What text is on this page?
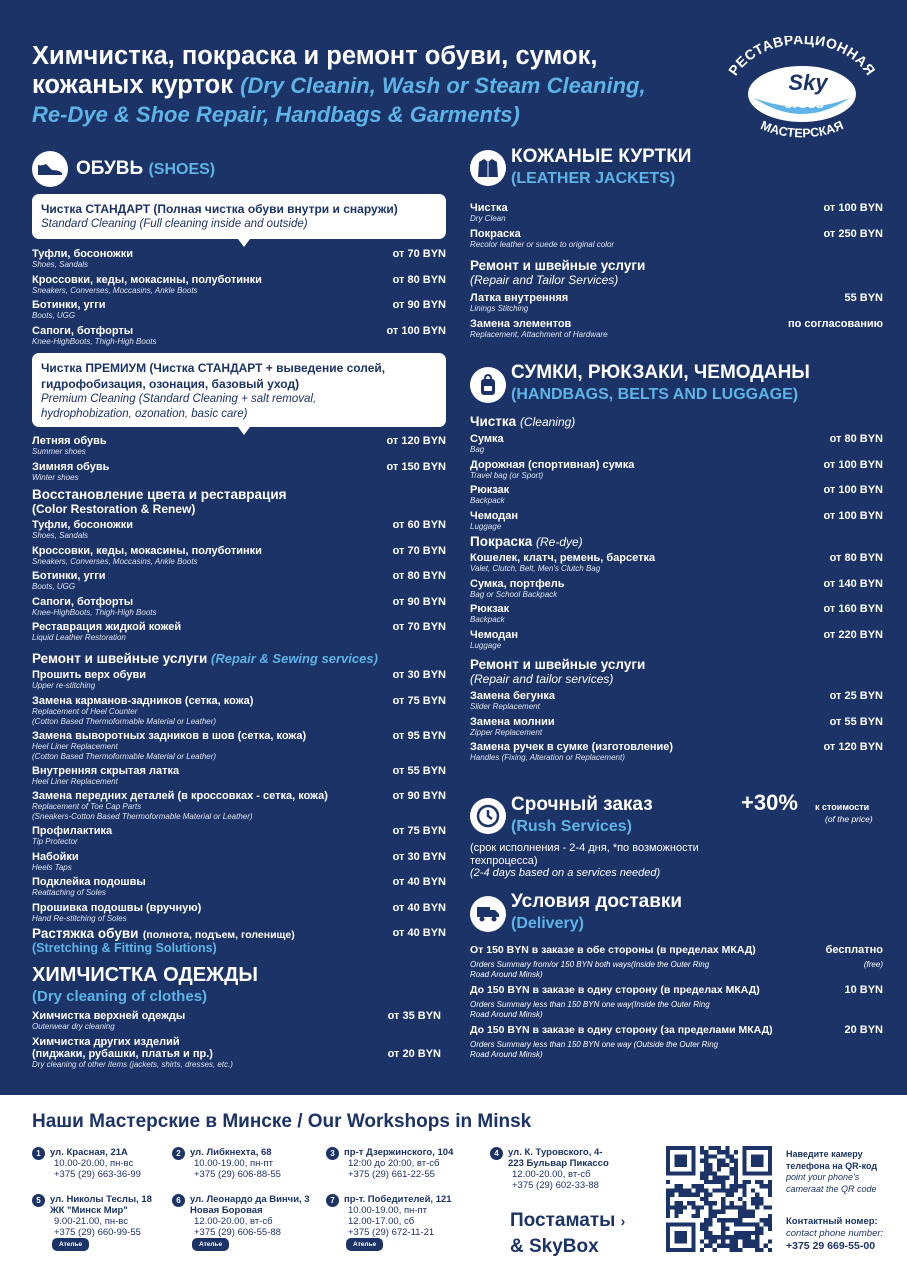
Химчистка, покраска и ремонт обуви, сумок,
кожаных курток (Dry Cleanin, Wash or Steam Cleaning,
Re-Dye & Shoe Repair, Handbags & Garments)
РЕСТАВРАЦИОННАЯ
Sky
cross
МАСТЕРСКАЯ
ОБУВЬ (SHOES)
Чистка СТАНДАРТ (Полная чистка обуви внутри и снаружи)
Standard Cleaning (Full cleaning inside and outside)
Туфли, босоножки
Shoes, Sandals
от 70 BYN
Кроссовки, кеды, мокасины, полуботинки
Sneakers, Converses, Moccasins, Ankle Boots
от 80 BYN
Ботинки, угги
Boots, UGG
от 90 BYN
Сапоги, ботфорты
Knee-HighBoots, Thigh-High Boots
от 100 BYN
Чистка ПРЕМИУМ (Чистка СТАНДАРТ + выведение солей,
гидрофобизация, озонация, базовый уход)
Premium Cleaning (Standard Cleaning + salt removal,
hydrophobization, ozonation, basic care)
Летняя обувь
Summer shoes
от 120 BYN
Зимняя обувь
Winter shoes
от 150 BYN
Восстановление цвета и реставрация
(Color Restoration & Renew)
Туфли, босоножки
Shoes, Sandals
от 60 BYN
Кроссовки, кеды, мокасины, полуботинки
Sneakers, Converses, Moccasins, Ankle Boots
от 70 BYN
Ботинки, угги
Boots, UGG
от 80 BYN
Сапоги, ботфорты
Knee-HighBoots, Thigh-High Boots
от 90 BYN
Реставрация жидкой кожей
Liquid Leather Restoration
от 70 BYN
Ремонт и швейные услуги (Repair & Sewing services)
Прошить верх обуви
Upper re-stitching
от 30 BYN
Замена карманов-задников (сетка, кожа)
Replacement of Heel Counter
(Cotton Based Thermoformable Material or Leather)
от 75 BYN
Замена выворотных задников в шов (сетка, кожа)
Heel Liner Replacement
(Cotton Based Thermoformable Material or Leather)
от 95 BYN
Внутренняя скрытая латка
Heel Liner Replacement
от 55 BYN
Замена передних деталей (в кроссовках - сетка, кожа)
Replacement of Toe Cap Parts
(Sneakers-Cotton Based Thermoformable Material or Leather)
от 90 BYN
Профилактика
Tip Protector
от 75 BYN
Набойки
Heels Taps
от 30 BYN
Подклейка подошвы
Reattaching of Soles
от 40 BYN
Прошивка подошвы (вручную)
Hand Re-stitching of Soles
от 40 BYN
Растяжка обуви (полнота, подъем, голенище)	от 40 BYN
(Stretching & Fitting Solutions)
ХИМЧИСТКА ОДЕЖДЫ
(Dry cleaning of clothes)
Химчистка верхней одежды
Outerwear dry cleaning
от 35 BYN
Химчистка других изделий
(пиджаки, рубашки, платья и пр.)
Dry cleaning of other items (jackets, shirts, dresses, etc.)
от 20 BYN
КОЖАНЫЕ КУРТКИ
(LEATHER JACKETS)
Чистка
Dry Clean
от 100 BYN
Покраска
Recolor leather or suede to original color
от 250 BYN
Ремонт и швейные услуги
(Repair and Tailor Services)
Латка внутренняя
Linings Stitching
55 BYN
Замена элементов
Replacement, Attachment of Hardware
по согласованию
СУМКИ, РЮКЗАКИ, ЧЕМОДАНЫ
(HANDBAGS, BELTS AND LUGGAGE)
Чистка (Cleaning)
Сумка
Bag
от 80 BYN
Дорожная (спортивная) сумка
Travel bag (or Sport)
от 100 BYN
Рюкзак
Backpack
от 100 BYN
Чемодан
Luggage
от 100 BYN
Покраска (Re-dye)
Кошелек, клатч, ремень, барсетка
Valet, Clutch, Belt, Men's Clutch Bag
от 80 BYN
Сумка, портфель
Bag or School Backpack
от 140 BYN
Рюкзак
Backpack
от 160 BYN
Чемодан
Luggage
от 220 BYN
Ремонт и швейные услуги
(Repair and tailor services)
Замена бегунка
Slider Replacement
от 25 BYN
Замена молнии
Zipper Replacement
от 55 BYN
Замена ручек в сумке (изготовление)
Handles (Fixing, Alteration or Replacement)
от 120 BYN
Срочный заказ
(Rush Services)
+30% к стоимости
(of the price)
(срок исполнения - 2-4 дня, *по возможности
техпроцесса)
(2-4 days based on a services needed)
Условия доставки
(Delivery)
От 150 BYN в заказе в обе стороны (в пределах МКАД)	бесплатно
Orders Summary from/or 150 BYN both ways(Inside the Outer Ring	(free)
Road Around Minsk)
До 150 BYN в заказе в одну сторону (в пределах МКАД)	10 BYN
Orders Summary less than 150 BYN one way(Inside the Outer Ring
Road Around Minsk)
До 150 BYN в заказе в одну сторону (за пределами МКАД)	20 BYN
Orders Summary less than 150 BYN one way (Outside the Outer Ring
Road Around Minsk)
Наши Мастерские в Минске / Our Workshops in Minsk
1 ул. Красная, 21А
10.00-20.00, пн-вс
+375 (29) 663-36-99
2 ул. Либкнехта, 68
10.00-19.00, пн-пт
+375 (29) 606-88-55
3 пр-т Дзержинского, 104
12:00 до 20:00, вт-сб
+375 (29) 661-22-55
4 ул. К. Туровского, 4-
223 Бульвар Пикассо
12.00-20.00, вт-сб
+375 (29) 602-33-88
5 ул. Николы Теслы, 18
ЖК "Минск Мир"
9.00-21.00, пн-вс
+375 (29) 660-99-55
Ателье
6 ул. Леонардо да Винчи, 3
Новая Боровая
12.00-20.00, вт-сб
+375 (29) 606-55-88
Ателье
7 пр-т. Победителей, 121
10.00-19.00, пн-пт
12.00-17.00, сб
+375 (29) 672-11-21
Ателье
Постаматы ›
& SkyBox
Наведите камеру
телефона на QR-код
point your phone's
cameraat the QR code
Контактный номер:
contact phone number:
+375 29 669-55-00
